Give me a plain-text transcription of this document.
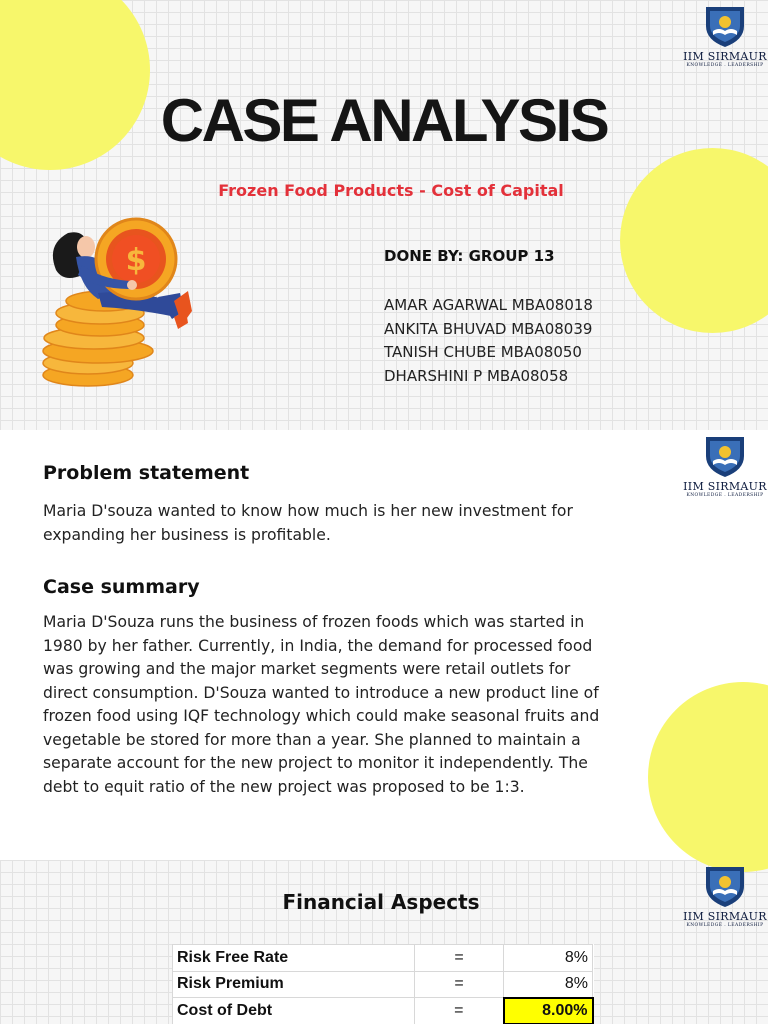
IIM SIRMAUR
KNOWLEDGE . LEADERSHIP
CASE ANALYSIS
Frozen Food Products - Cost of Capital
$	DONE BY: GROUP 13
AMAR AGARWAL MBA08018
ANKITA BHUVAD MBA08039
TANISH CHUBE MBA08050
DHARSHINI P MBA08058
IIM SIRMAUR
KNOWLEDGE . LEADERSHIP
Problem statement
Maria D'souza wanted to know how much is her new investment for expanding her business is profitable.
Case summary
Maria D'Souza runs the business of frozen foods which was started in 1980 by her father. Currently, in India, the demand for processed food was growing and the major market segments were retail outlets for direct consumption. D'Souza wanted to introduce a new product line of frozen food using IQF technology which could make seasonal fruits and vegetable be stored for more than a year. She planned to maintain a separate account for the new project to monitor it independently. The debt to equit ratio of the new project was proposed to be 1:3.
IIM SIRMAUR
KNOWLEDGE . LEADERSHIP
Financial Aspects
Risk Free Rate	=	8%
Risk Premium	=	8%
Cost of Debt	=	8.00%
